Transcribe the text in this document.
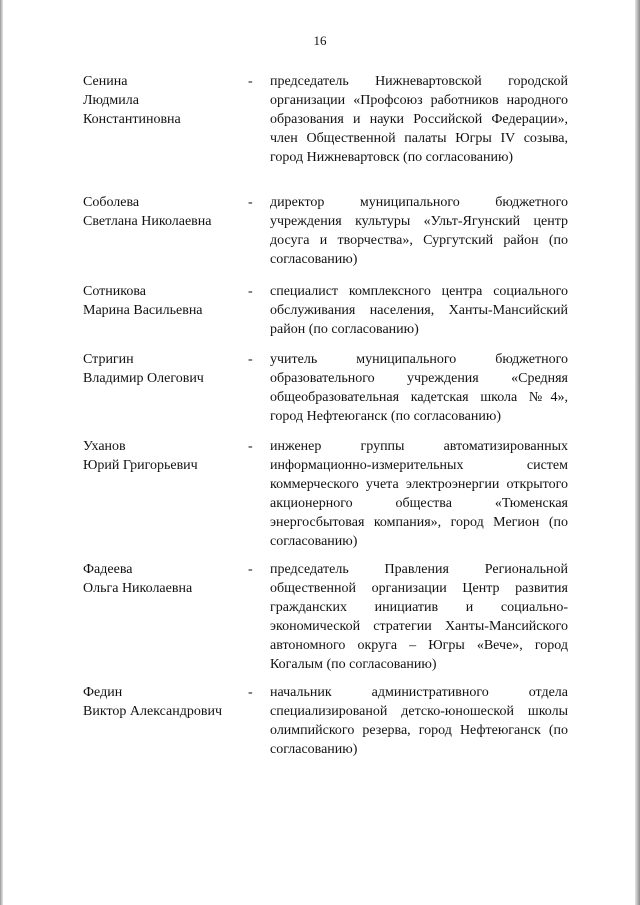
16
Сенина
Людмила
Константиновна
- председатель Нижневартовской городской организации «Профсоюз работников народного образования и науки Российской Федерации», член Общественной палаты Югры IV созыва, город Нижневартовск (по согласованию)
Соболева
Светлана Николаевна
- директор муниципального бюджетного учреждения культуры «Ульт-Ягунский центр досуга и творчества», Сургутский район (по согласованию)
Сотникова
Марина Васильевна
- специалист комплексного центра социального обслуживания населения, Ханты-Мансийский район (по согласованию)
Стригин
Владимир Олегович
- учитель муниципального бюджетного образовательного учреждения «Средняя общеобразовательная кадетская школа №4», город Нефтеюганск (по согласованию)
Уханов
Юрий Григорьевич
- инженер группы автоматизированных информационно-измерительных систем коммерческого учета электроэнергии открытого акционерного общества «Тюменская энергосбытовая компания», город Мегион (по согласованию)
Фадеева
Ольга Николаевна
- председатель Правления Региональной общественной организации Центр развития гражданских инициатив и социально-экономической стратегии Ханты-Мансийского автономного округа – Югры «Вече», город Когалым (по согласованию)
Федин
Виктор Александрович
- начальник административного отдела специализированой детско-юношеской школы олимпийского резерва, город Нефтеюганск (по согласованию)
